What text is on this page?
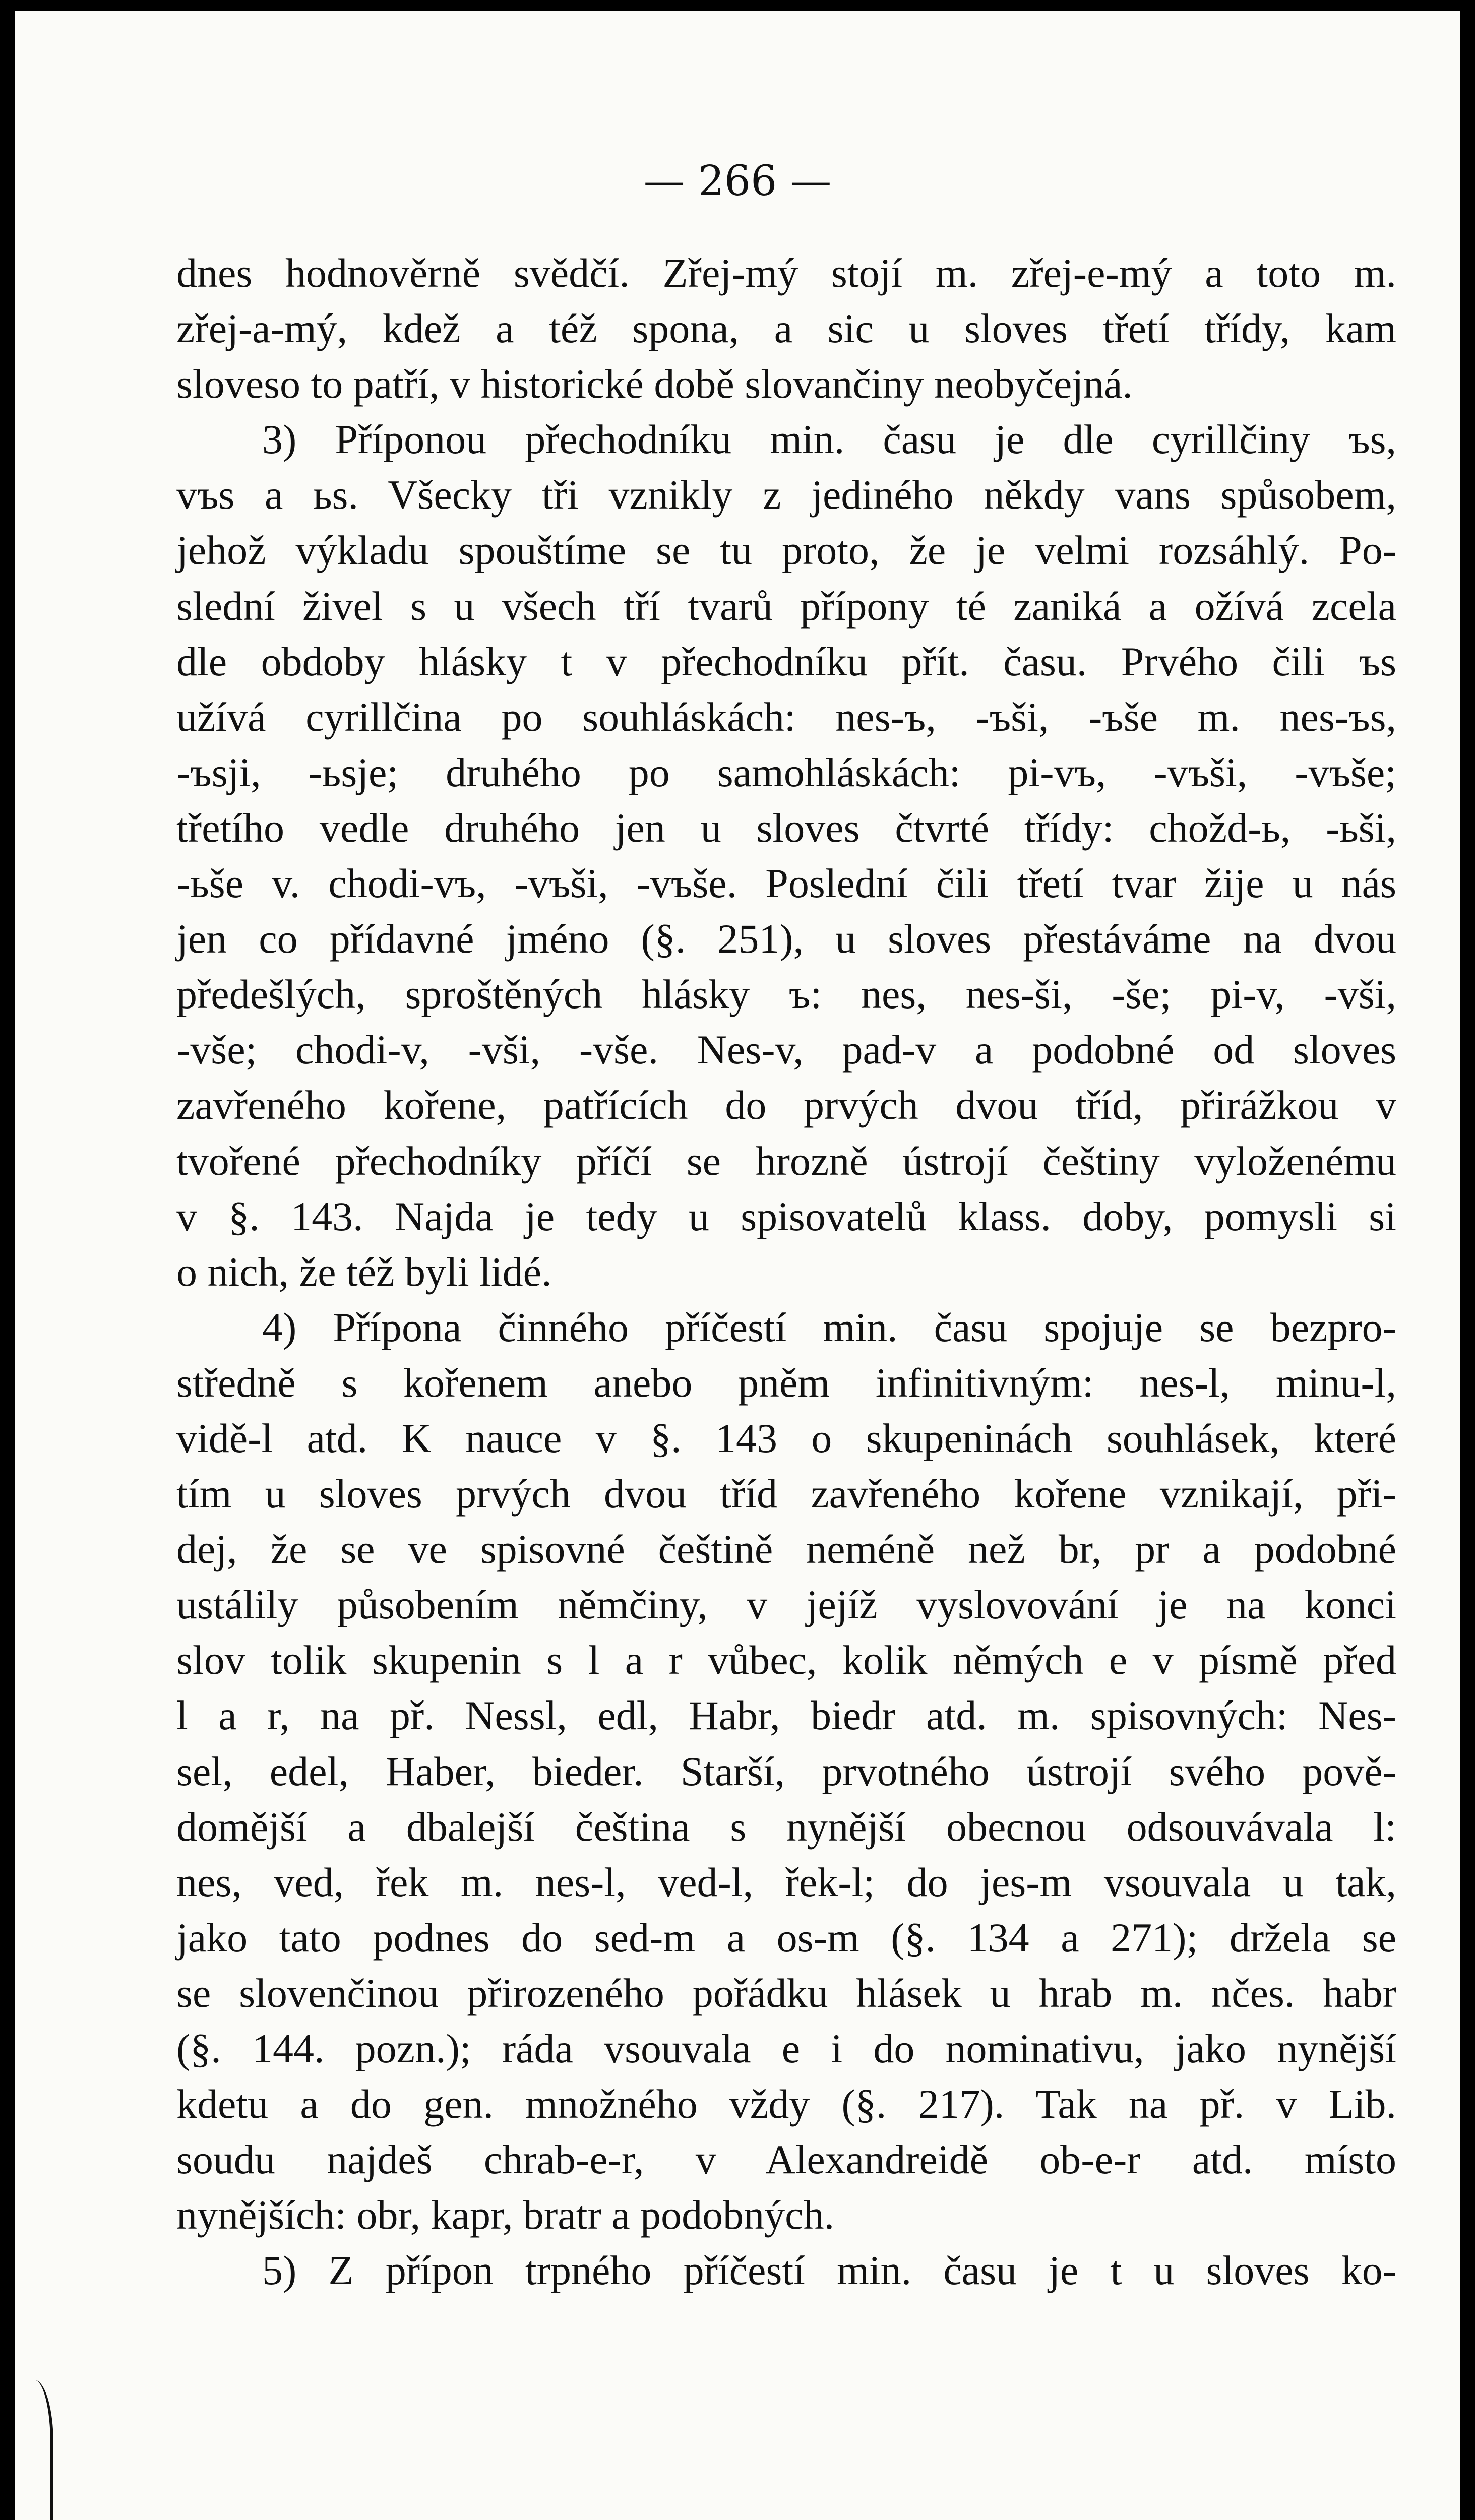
— 266 —
dnes hodnověrně svědčí. Zřej-mý stojí m. zřej-e-mý a toto m.
zřej-a-mý, kdež a též spona, a sic u sloves třetí třídy, kam
sloveso to patří, v historické době slovančiny neobyčejná.
3) Příponou přechodníku min. času je dle cyrillčiny ъs,
vъs a ьs. Všecky tři vznikly z jediného někdy vans spůsobem,
jehož výkladu spouštíme se tu proto, že je velmi rozsáhlý. Po-
slední živel s u všech tří tvarů přípony té zaniká a ožívá zcela
dle obdoby hlásky t v přechodníku přít. času. Prvého čili ъs
užívá cyrillčina po souhláskách: nes-ъ, -ъši, -ъše m. nes-ъs,
-ъsji, -ьsje; druhého po samohláskách: pi-vъ, -vъši, -vъše;
třetího vedle druhého jen u sloves čtvrté třídy: chožd-ь, -ьši,
-ьše v. chodi-vъ, -vъši, -vъše. Poslední čili třetí tvar žije u nás
jen co přídavné jméno (§. 251), u sloves přestáváme na dvou
předešlých, sproštěných hlásky ъ: nes, nes-ši, -še; pi-v, -vši,
-vše; chodi-v, -vši, -vše. Nes-v, pad-v a podobné od sloves
zavřeného kořene, patřících do prvých dvou tříd, přirážkou v
tvořené přechodníky příčí se hrozně ústrojí češtiny vyloženému
v §. 143. Najda je tedy u spisovatelů klass. doby, pomysli si
o nich, že též byli lidé.
4) Přípona činného příčestí min. času spojuje se bezpro-
středně s kořenem anebo pněm infinitivným: nes-l, minu-l,
vidě-l atd. K nauce v §. 143 o skupeninách souhlásek, které
tím u sloves prvých dvou tříd zavřeného kořene vznikají, při-
dej, že se ve spisovné češtině neméně než br, pr a podobné
ustálily působením němčiny, v jejíž vyslovování je na konci
slov tolik skupenin s l a r vůbec, kolik němých e v písmě před
l a r, na př. Nessl, edl, Habr, biedr atd. m. spisovných: Nes-
sel, edel, Haber, bieder. Starší, prvotného ústrojí svého pově-
domější a dbalejší čeština s nynější obecnou odsouvávala l:
nes, ved, řek m. nes-l, ved-l, řek-l; do jes-m vsouvala u tak,
jako tato podnes do sed-m a os-m (§. 134 a 271); držela se
se slovenčinou přirozeného pořádku hlásek u hrab m. nčes. habr
(§. 144. pozn.); ráda vsouvala e i do nominativu, jako nynější
kdetu a do gen. množného vždy (§. 217). Tak na př. v Lib.
soudu najdeš chrab-e-r, v Alexandreidě ob-e-r atd. místo
nynějších: obr, kapr, bratr a podobných.
5) Z přípon trpného příčestí min. času je t u sloves ko-
